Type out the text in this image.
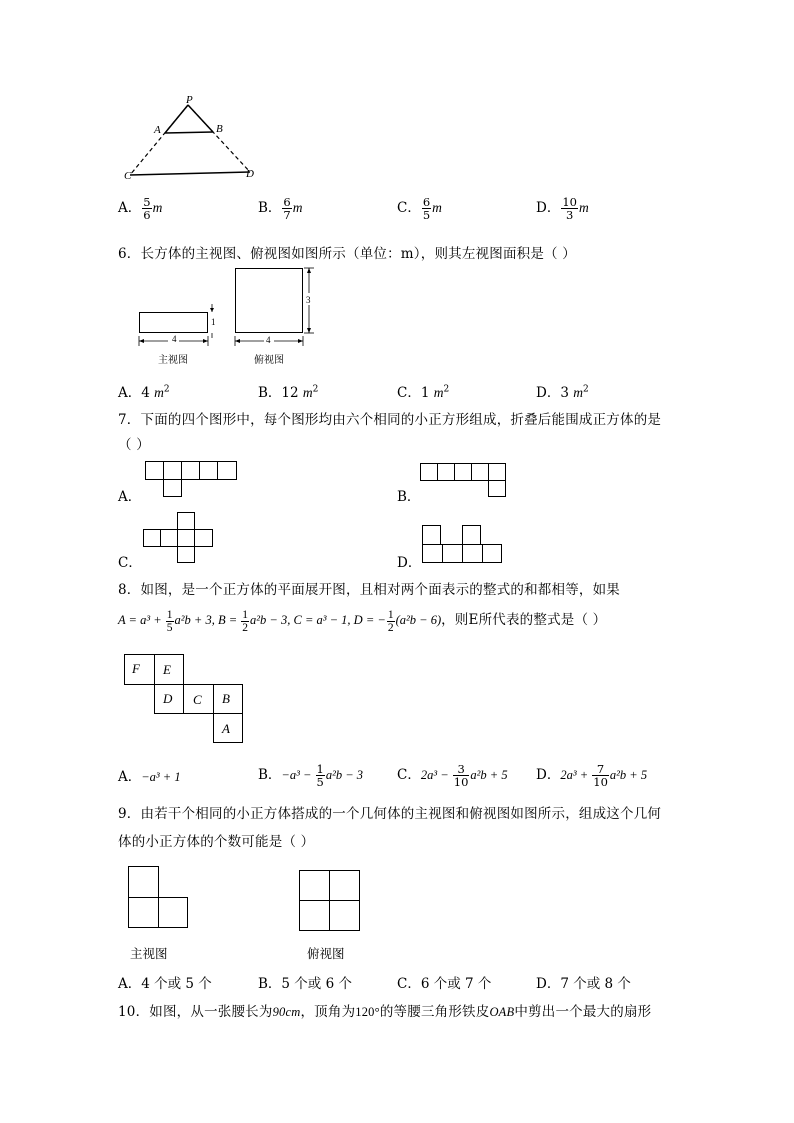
P
A	B
C	D
A． $\frac{5}{6}$ m	B． $\frac{6}{7}$ m	C． $\frac{6}{5}$ m	D． $\frac{10}{3}$ m
6．长方体的主视图、俯视图如图所示（单位：m），则其左视图面积是（ ）
4
1
主视图
4
3
俯视图
A．4 $m^2$	B．12 $m^2$	C．1 $m^2$	D．3 $m^2$
7．下面的四个图形中，每个图形均由六个相同的小正方形组成，折叠后能围成正方体的是
（ ）
A．	B．
C．	D．
8．如图，是一个正方体的平面展开图，且相对两个面表示的整式的和都相等，如果
$A = a^3 + \frac{1}{5} a^2b + 3$, $B = \frac{1}{2} a^2b - 3$, C = a³ − 1, D = − $\frac{1}{2} (a^2b - 6)$，则E所代表的整式是（ ）
F E
D C B
A
A．−a³ + 1	B．$-a^3 - \frac{1}{5} a^2b - 3$	C．$2a^3 - \frac{3}{10} a^2b + 5$ D．$2a^3 + \frac{7}{10} a^2b + 5$
9．由若干个相同的小正方体搭成的一个几何体的主视图和俯视图如图所示，组成这个几何
体的小正方体的个数可能是（ ）
主视图	俯视图
A．4 个或 5 个	B．5 个或 6 个	C．6 个或 7 个	D．7 个或 8 个
10．如图，从一张腰长为90cm，顶角为120°的等腰三角形铁皮OAB中剪出一个最大的扇形
